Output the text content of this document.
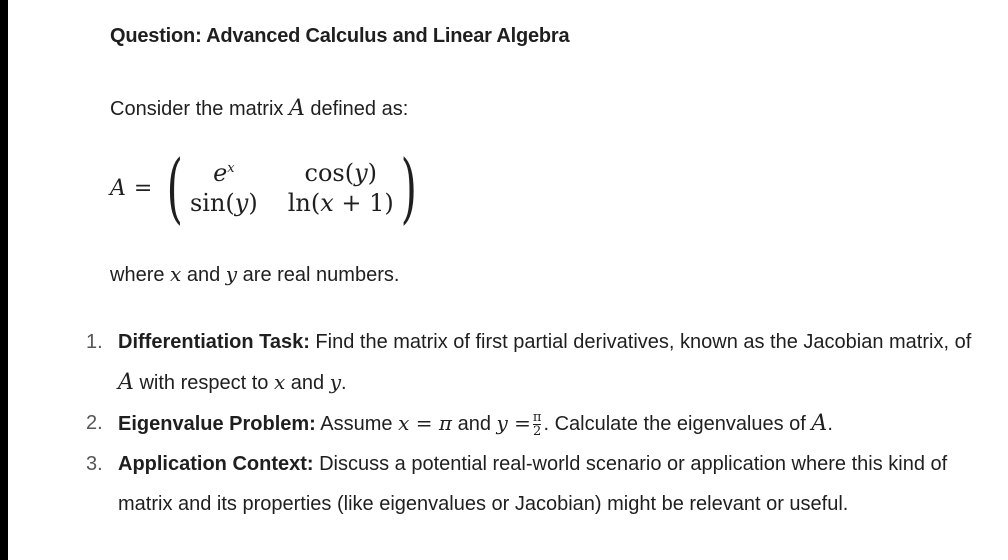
Question: Advanced Calculus and Linear Algebra
Consider the matrix A defined as:
A = (	$e^x$	cos(y)
sin(y) ln(x + 1) )
where x and y are real numbers.
1. Differentiation Task: Find the matrix of first partial derivatives, known as the Jacobian matrix, of A with respect to x and y.
2. Eigenvalue Problem: Assume x = π and $y = \frac{\pi}{2}$ . Calculate the eigenvalues of A.
3. Application Context: Discuss a potential real-world scenario or application where this kind of matrix and its properties (like eigenvalues or Jacobian) might be relevant or useful.
